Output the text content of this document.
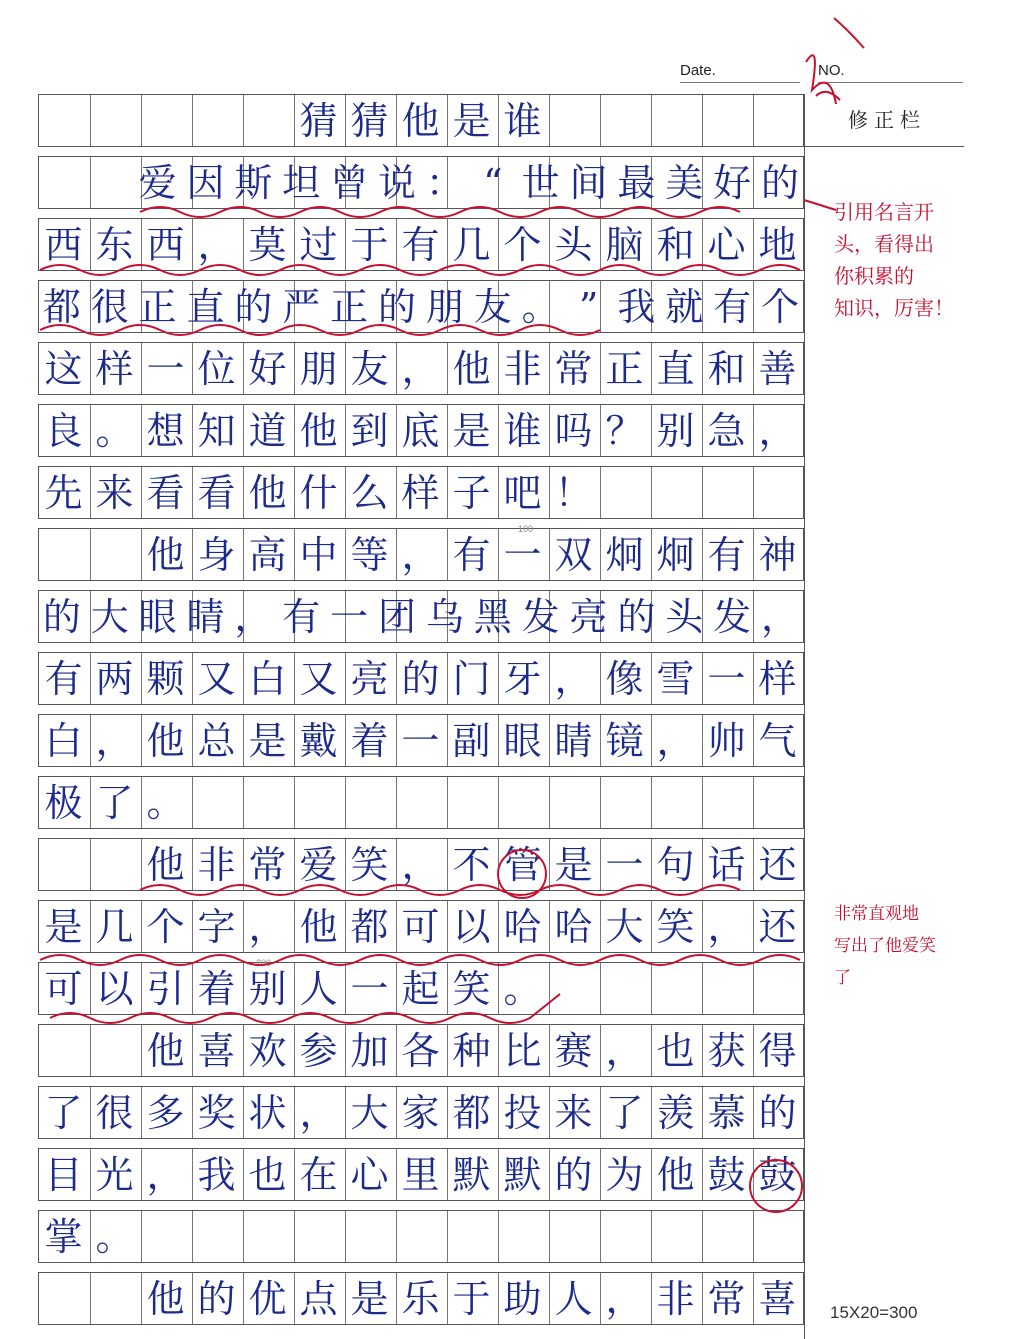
Date.	NO.
猜 猜 他 是 谁
爱 因 斯 坦 曾 说 ： “ 世 间 最 美 好 的
西 东 西 ， 莫 过 于 有 几 个 头 脑 和 心 地
都 很 正 直 的 严 正 的 朋 友 。 ” 我 就 有 个
这 样 一 位 好 朋 友 ， 他 非 常 正 直 和 善
良 。 想 知 道 他 到 底 是 谁 吗 ？ 别 急 ，
先 来 看 看 他 什 么 样 子 吧 ！
他 身 高 中 等 ， 有 一 双 炯 炯 有 神
的 大 眼 睛 ， 有 一 团 乌 黑 发 亮 的 头 发 ，
有 两 颗 又 白 又 亮 的 门 牙 ， 像 雪 一 样
白 ， 他 总 是 戴 着 一 副 眼 睛 镜 ， 帅 气
极 了 。
他 非 常 爱 笑 ， 不 管 是 一 句 话 还
是 几 个 字 ， 他 都 可 以 哈 哈 大 笑 ， 还
可 以 引 着 别 人 一 起 笑 。
他 喜 欢 参 加 各 种 比 赛 ， 也 获 得
了 很 多 奖 状 ， 大 家 都 投 来 了 羡 慕 的
目 光 ， 我 也 在 心 里 默 默 的 为 他 鼓 鼓
掌 。
他 的 优 点 是 乐 于 助 人 ， 非 常 喜
修正栏
引用名言开
头，看得出
你积累的
知识，厉害！
非常直观地
写出了他爱笑
了
100
200
15X20=300
